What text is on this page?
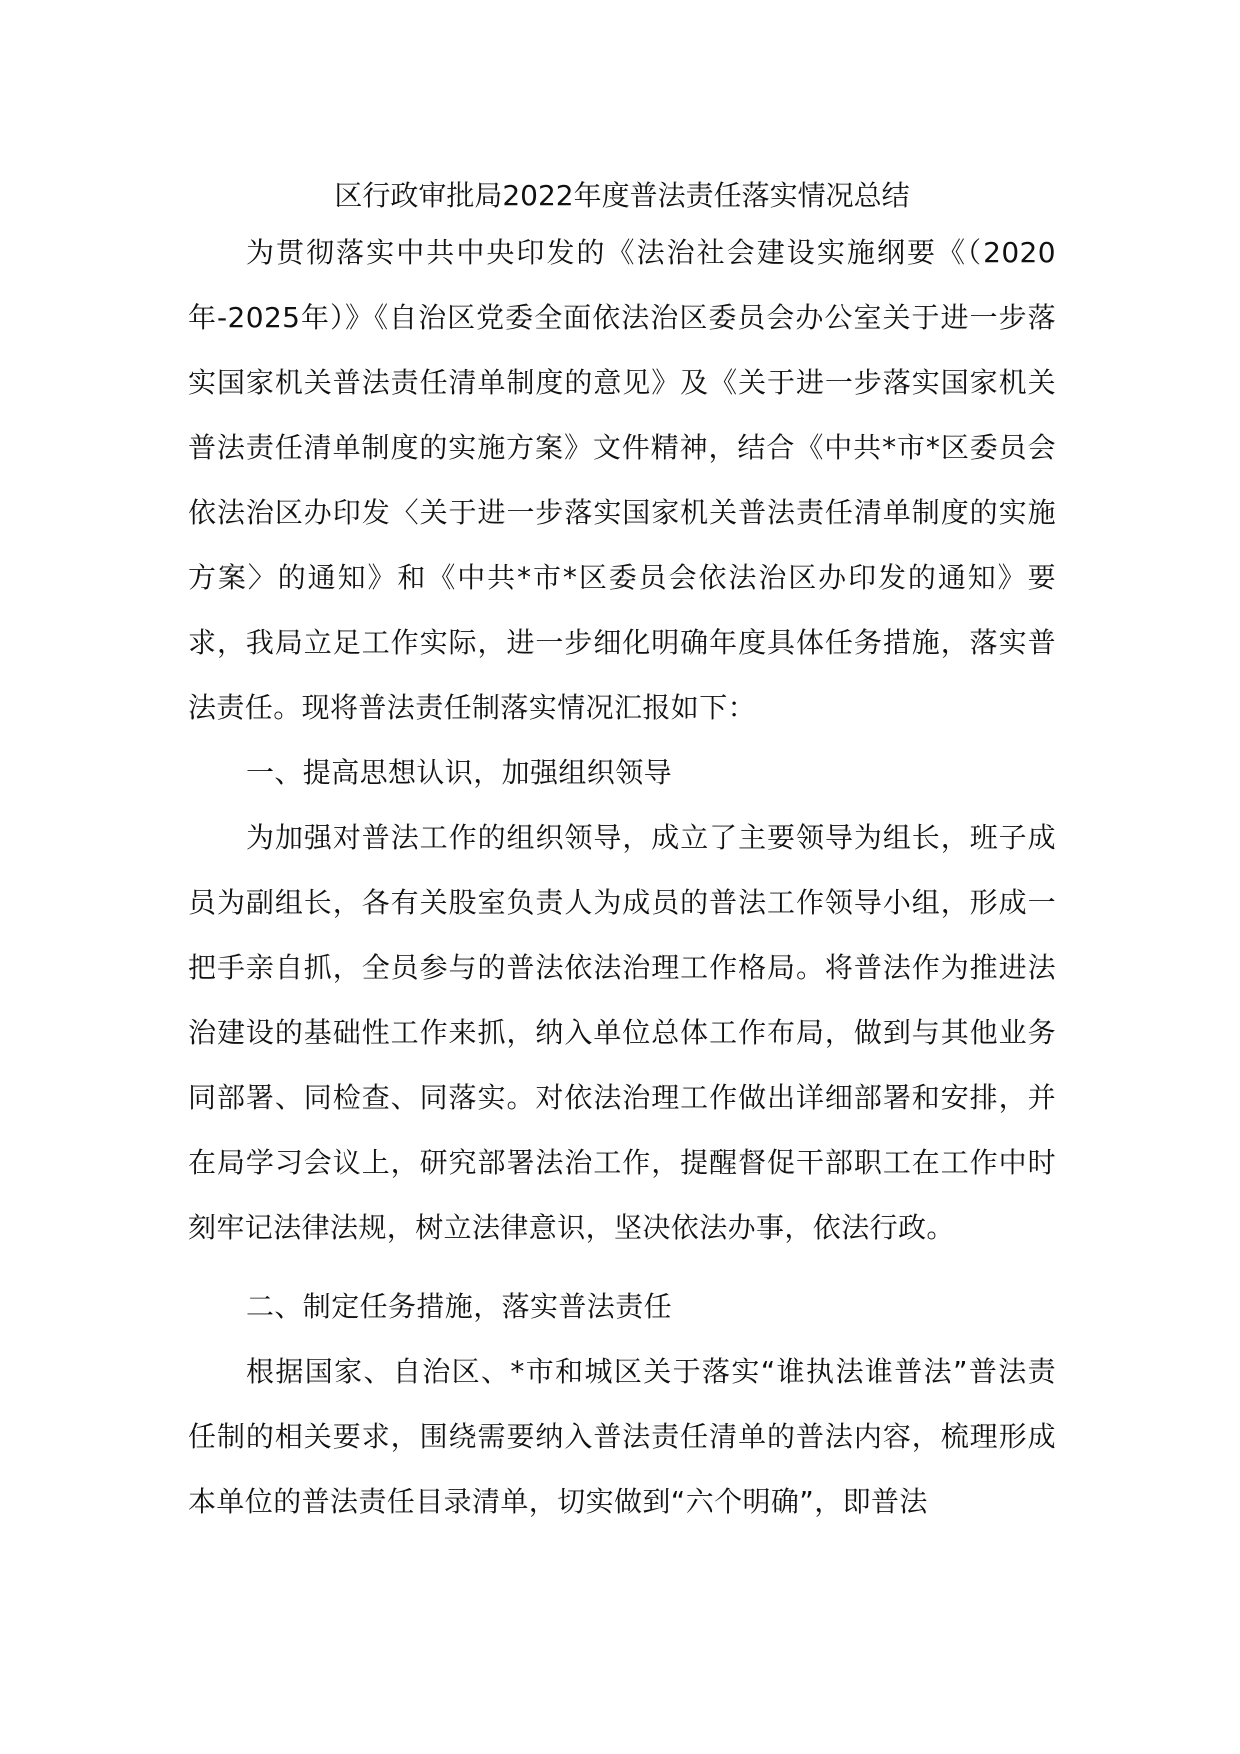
区行政审批局2022年度普法责任落实情况总结

为贯彻落实中共中央印发的《法治社会建设实施纲要《（2020年-2025年）》《自治区党委全面依法治区委员会办公室关于进一步落实国家机关普法责任清单制度的意见》及《关于进一步落实国家机关普法责任清单制度的实施方案》文件精神，结合《中共*市*区委员会依法治区办印发〈关于进一步落实国家机关普法责任清单制度的实施方案〉的通知》和《中共*市*区委员会依法治区办印发的通知》要求，我局立足工作实际，进一步细化明确年度具体任务措施，落实普法责任。现将普法责任制落实情况汇报如下：

一、提高思想认识，加强组织领导

为加强对普法工作的组织领导，成立了主要领导为组长，班子成员为副组长，各有关股室负责人为成员的普法工作领导小组，形成一把手亲自抓，全员参与的普法依法治理工作格局。将普法作为推进法治建设的基础性工作来抓，纳入单位总体工作布局，做到与其他业务同部署、同检查、同落实。对依法治理工作做出详细部署和安排，并在局学习会议上，研究部署法治工作，提醒督促干部职工在工作中时刻牢记法律法规，树立法律意识，坚决依法办事，依法行政。

二、制定任务措施，落实普法责任

根据国家、自治区、*市和城区关于落实“谁执法谁普法”普法责任制的相关要求，围绕需要纳入普法责任清单的普法内容，梳理形成本单位的普法责任目录清单，切实做到“六个明确”，即普法
